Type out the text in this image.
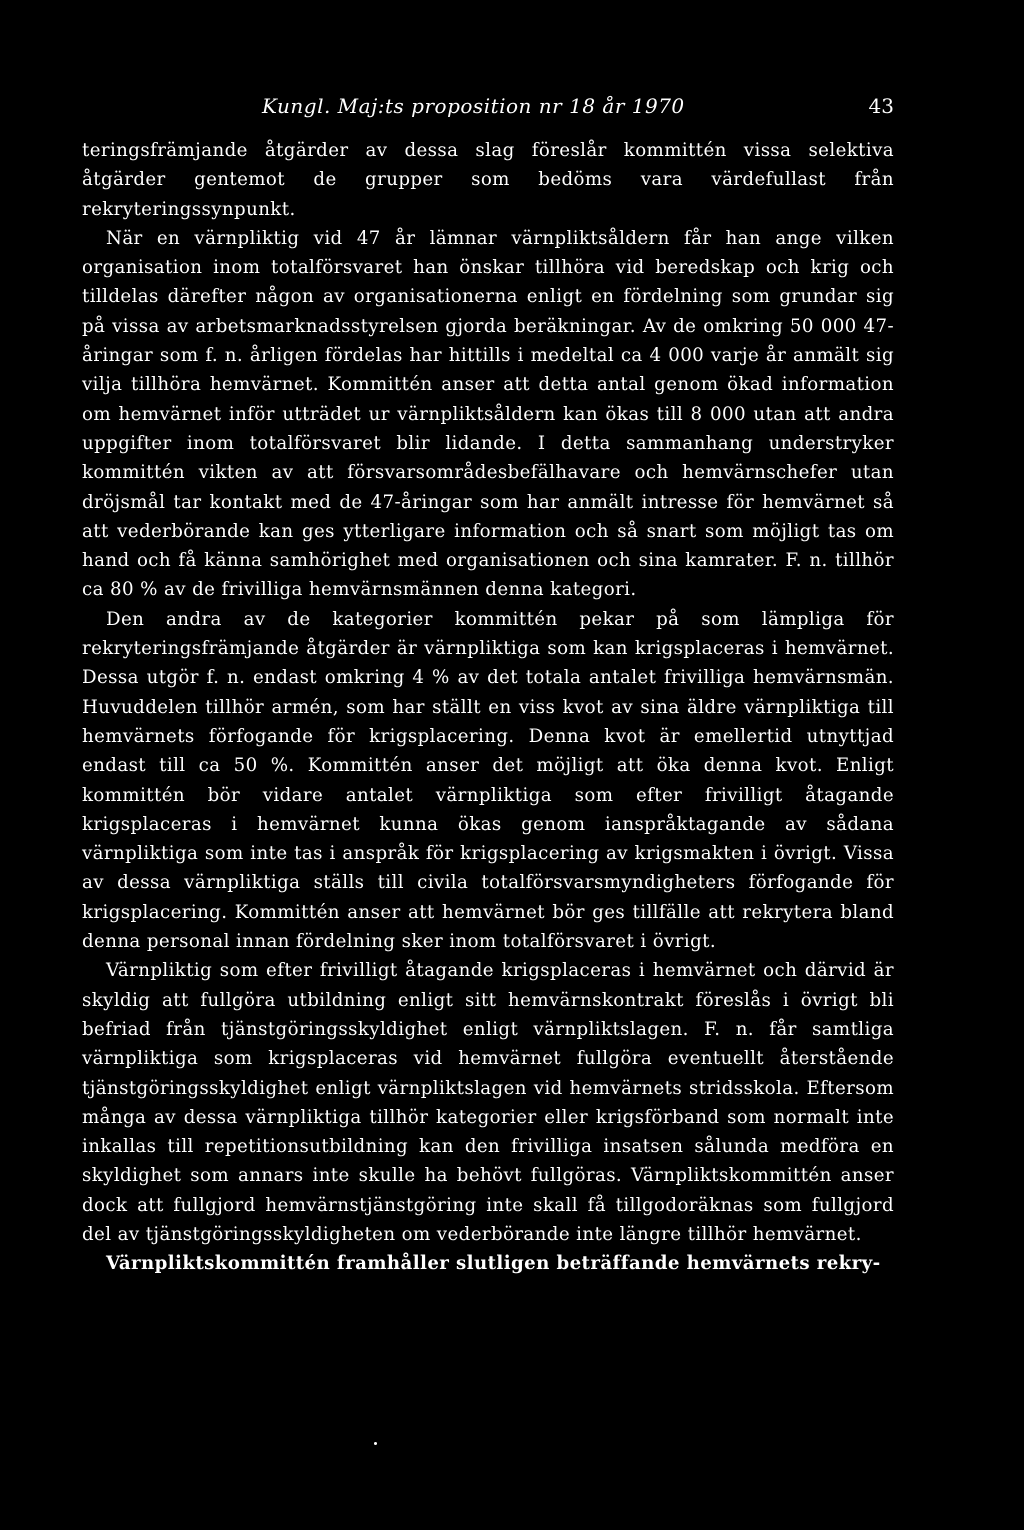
Kungl. Maj:ts proposition nr 18 år 1970	43

teringsfrämjande åtgärder av dessa slag föreslår kommittén vissa selektiva åtgärder gentemot de grupper som bedöms vara värdefullast från rekryteringssynpunkt.

När en värnpliktig vid 47 år lämnar värnpliktsåldern får han ange vilken organisation inom totalförsvaret han önskar tillhöra vid beredskap och krig och tilldelas därefter någon av organisationerna enligt en fördelning som grundar sig på vissa av arbetsmarknadsstyrelsen gjorda beräkningar. Av de omkring 50 000 47-åringar som f. n. årligen fördelas har hittills i medeltal ca 4 000 varje år anmält sig vilja tillhöra hemvärnet. Kommittén anser att detta antal genom ökad information om hemvärnet inför utträdet ur värnpliktsåldern kan ökas till 8 000 utan att andra uppgifter inom totalförsvaret blir lidande. I detta sammanhang understryker kommittén vikten av att försvarsområdesbefälhavare och hemvärnschefer utan dröjsmål tar kontakt med de 47-åringar som har anmält intresse för hemvärnet så att vederbörande kan ges ytterligare information och så snart som möjligt tas om hand och få känna samhörighet med organisationen och sina kamrater. F. n. tillhör ca 80 % av de frivilliga hemvärnsmännen denna kategori.

Den andra av de kategorier kommittén pekar på som lämpliga för rekryteringsfrämjande åtgärder är värnpliktiga som kan krigsplaceras i hemvärnet. Dessa utgör f. n. endast omkring 4 % av det totala antalet frivilliga hemvärnsmän. Huvuddelen tillhör armén, som har ställt en viss kvot av sina äldre värnpliktiga till hemvärnets förfogande för krigsplacering. Denna kvot är emellertid utnyttjad endast till ca 50 %. Kommittén anser det möjligt att öka denna kvot. Enligt kommittén bör vidare antalet värnpliktiga som efter frivilligt åtagande krigsplaceras i hemvärnet kunna ökas genom ianspråktagande av sådana värnpliktiga som inte tas i anspråk för krigsplacering av krigsmakten i övrigt. Vissa av dessa värnpliktiga ställs till civila totalförsvarsmyndigheters förfogande för krigsplacering. Kommittén anser att hemvärnet bör ges tillfälle att rekrytera bland denna personal innan fördelning sker inom totalförsvaret i övrigt.

Värnpliktig som efter frivilligt åtagande krigsplaceras i hemvärnet och därvid är skyldig att fullgöra utbildning enligt sitt hemvärnskontrakt föreslås i övrigt bli befriad från tjänstgöringsskyldighet enligt värnpliktslagen. F. n. får samtliga värnpliktiga som krigsplaceras vid hemvärnet fullgöra eventuellt återstående tjänstgöringsskyldighet enligt värnpliktslagen vid hemvärnets stridsskola. Eftersom många av dessa värnpliktiga tillhör kategorier eller krigsförband som normalt inte inkallas till repetitionsutbildning kan den frivilliga insatsen sålunda medföra en skyldighet som annars inte skulle ha behövt fullgöras. Värnpliktskommittén anser dock att fullgjord hemvärnstjänstgöring inte skall få tillgodoräknas som fullgjord del av tjänstgöringsskyldigheten om vederbörande inte längre tillhör hemvärnet.

Värnpliktskommittén framhåller slutligen beträffande hemvärnets rekry-
